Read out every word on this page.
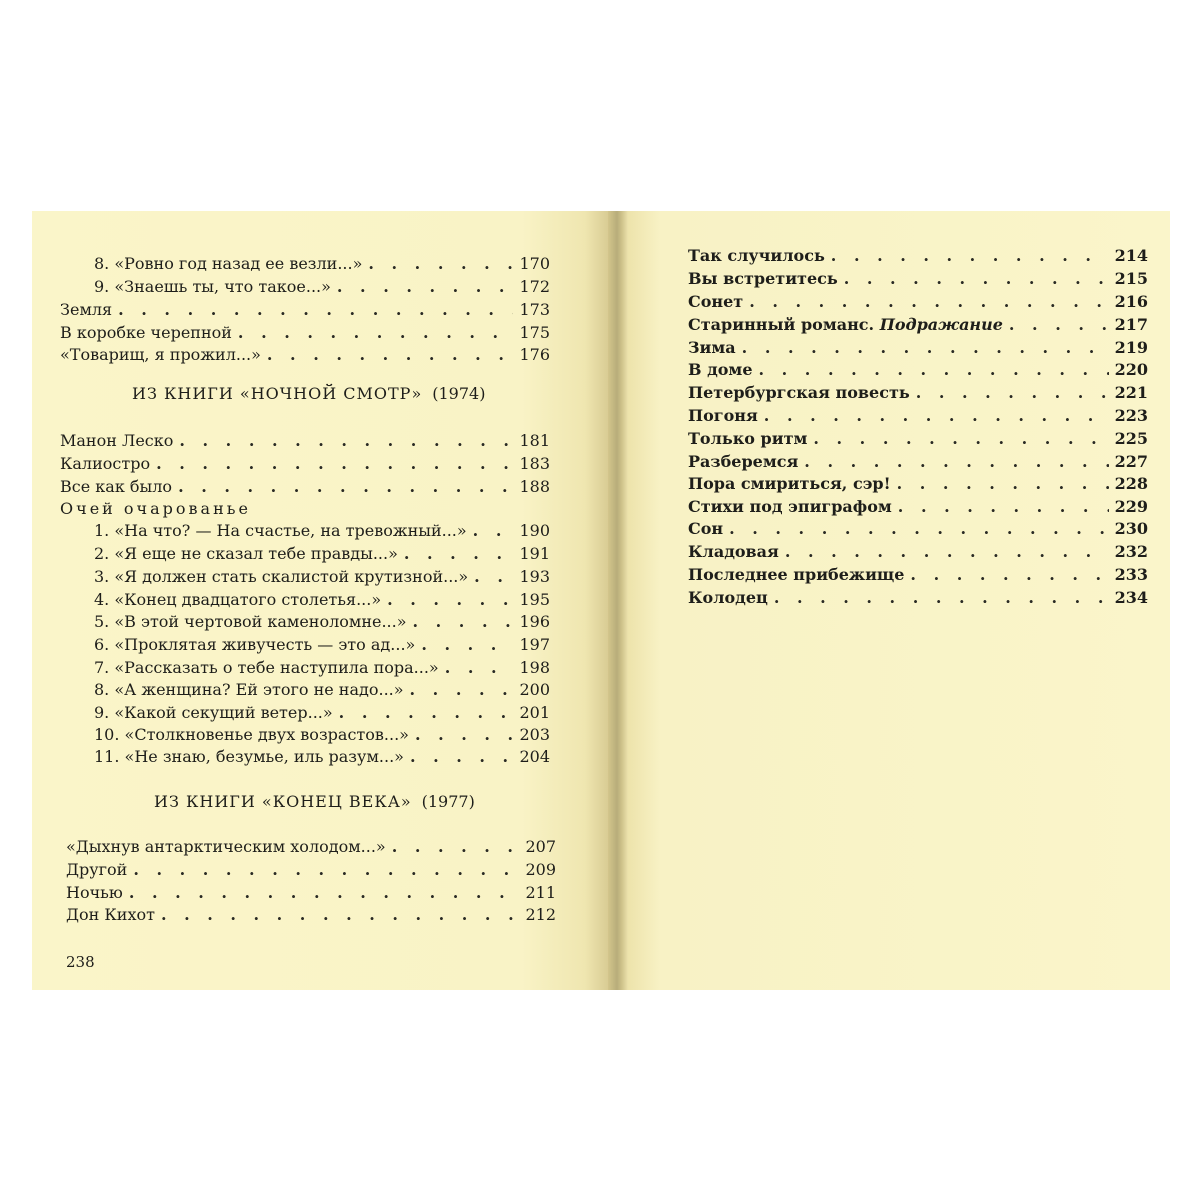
8. «Ровно год назад ее везли...» . . .	170
9. «Знаешь ты, что такое...» . . .	172
Земля . . .	173
В коробке черепной . . .	175
«Товарищ, я прожил...» . . .	176
ИЗ КНИГИ «НОЧНОЙ СМОТР» (1974)
Манон Леско . . .	181
Калиостро . . .	183
Все как было . . .	188
Очей очарованье
1. «На что? — На счастье, на тревожный...» . . .	190
2. «Я еще не сказал тебе правды...» . . .	191
3. «Я должен стать скалистой крутизной...» . . .	193
4. «Конец двадцатого столетья...» . . .	195
5. «В этой чертовой каменоломне...» . . .	196
6. «Проклятая живучесть — это ад...» . . .	197
7. «Рассказать о тебе наступила пора...» . . .	198
8. «А женщина? Ей этого не надо...» . . .	200
9. «Какой секущий ветер...» . . .	201
10. «Столкновенье двух возрастов...» . . .	203
11. «Не знаю, безумье, иль разум...» . . .	204
ИЗ КНИГИ «КОНЕЦ ВЕКА» (1977)
«Дыхнув антарктическим холодом...» . . .	207
Другой . . .	209
Ночью . . .	211
Дон Кихот . . .	212
238
Так случилось . . .	214
Вы встретитесь . . .	215
Сонет . . .	216
Старинный романс. Подражание . . .	217
Зима . . .	219
В доме . . .	220
Петербургская повесть . . .	221
Погоня . . .	223
Только ритм . . .	225
Разберемся . . .	227
Пора смириться, сэр! . . .	228
Стихи под эпиграфом . . .	229
Сон . . .	230
Кладовая . . .	232
Последнее прибежище . . .	233
Колодец . . .	234
